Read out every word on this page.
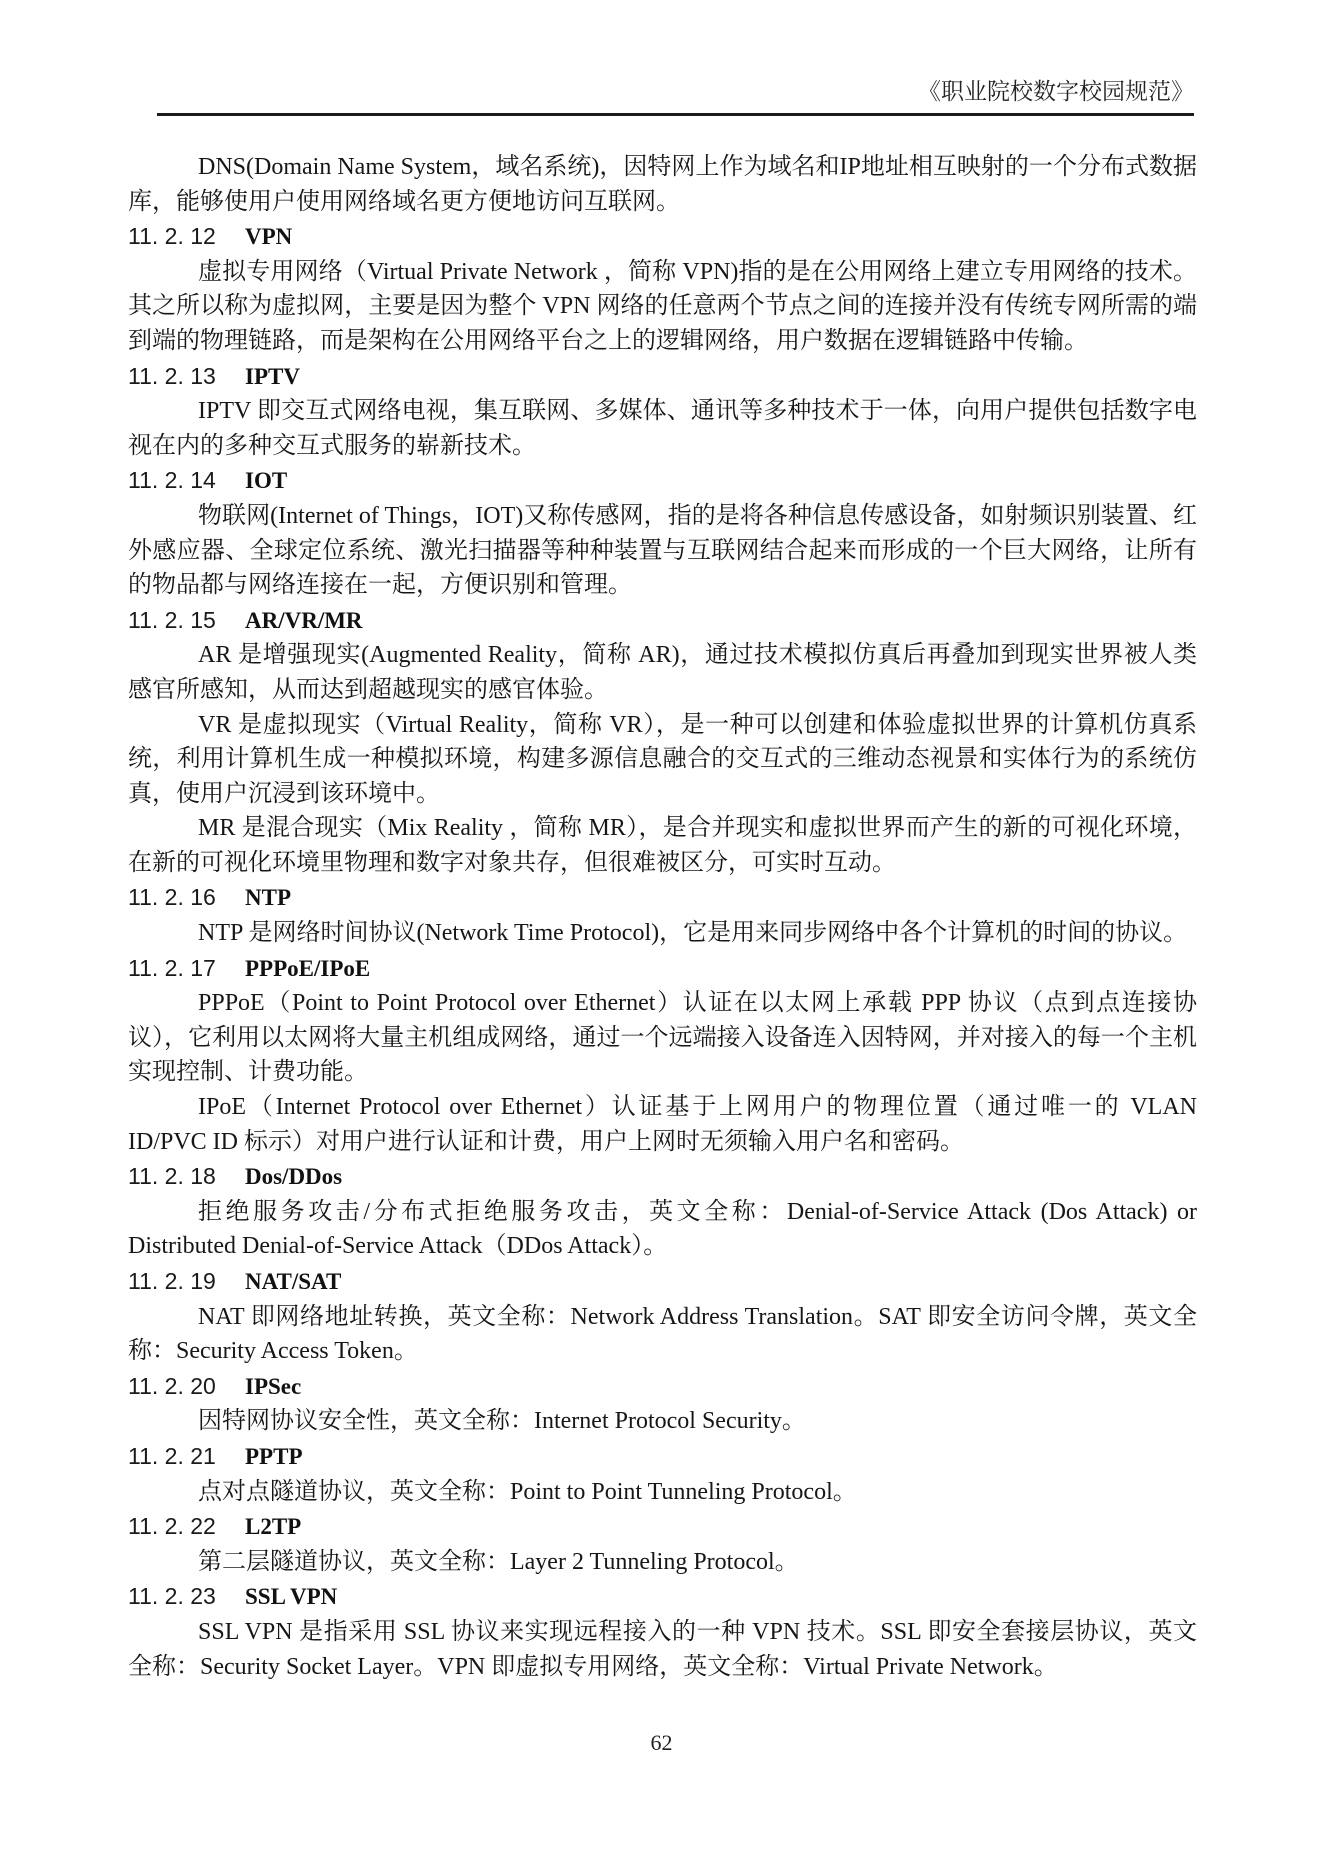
《职业院校数字校园规范》

DNS(Domain Name System，域名系统)，因特网上作为域名和IP地址相互映射的一个分布式数据库，能够使用户使用网络域名更方便地访问互联网。

11. 2. 12 VPN

虚拟专用网络（Virtual Private Network ，简称 VPN)指的是在公用网络上建立专用网络的技术。其之所以称为虚拟网，主要是因为整个 VPN 网络的任意两个节点之间的连接并没有传统专网所需的端到端的物理链路，而是架构在公用网络平台之上的逻辑网络，用户数据在逻辑链路中传输。

11. 2. 13 IPTV

IPTV 即交互式网络电视，集互联网、多媒体、通讯等多种技术于一体，向用户提供包括数字电视在内的多种交互式服务的崭新技术。

11. 2. 14 IOT

物联网(Internet of Things，IOT)又称传感网，指的是将各种信息传感设备，如射频识别装置、红外感应器、全球定位系统、激光扫描器等种种装置与互联网结合起来而形成的一个巨大网络，让所有的物品都与网络连接在一起，方便识别和管理。

11. 2. 15 AR/VR/MR

AR 是增强现实(Augmented Reality，简称 AR)，通过技术模拟仿真后再叠加到现实世界被人类感官所感知，从而达到超越现实的感官体验。

VR 是虚拟现实（Virtual Reality，简称 VR），是一种可以创建和体验虚拟世界的计算机仿真系统，利用计算机生成一种模拟环境，构建多源信息融合的交互式的三维动态视景和实体行为的系统仿真，使用户沉浸到该环境中。

MR 是混合现实（Mix Reality ，简称 MR），是合并现实和虚拟世界而产生的新的可视化环境，在新的可视化环境里物理和数字对象共存，但很难被区分，可实时互动。

11. 2. 16 NTP

NTP 是网络时间协议(Network Time Protocol)，它是用来同步网络中各个计算机的时间的协议。

11. 2. 17 PPPoE/IPoE

PPPoE（Point to Point Protocol over Ethernet）认证在以太网上承载 PPP 协议（点到点连接协议），它利用以太网将大量主机组成网络，通过一个远端接入设备连入因特网，并对接入的每一个主机实现控制、计费功能。

IPoE（Internet Protocol over Ethernet）认证基于上网用户的物理位置（通过唯一的 VLAN ID/PVC ID 标示）对用户进行认证和计费，用户上网时无须输入用户名和密码。

11. 2. 18 Dos/DDos

拒绝服务攻击/分布式拒绝服务攻击，英文全称：Denial-of-Service Attack (Dos Attack) or Distributed Denial-of-Service Attack（DDos Attack）。

11. 2. 19 NAT/SAT

NAT 即网络地址转换，英文全称：Network Address Translation。SAT 即安全访问令牌，英文全称：Security Access Token。

11. 2. 20 IPSec

因特网协议安全性，英文全称：Internet Protocol Security。

11. 2. 21 PPTP

点对点隧道协议，英文全称：Point to Point Tunneling Protocol。

11. 2. 22 L2TP

第二层隧道协议，英文全称：Layer 2 Tunneling Protocol。

11. 2. 23 SSL VPN

SSL VPN 是指采用 SSL 协议来实现远程接入的一种 VPN 技术。SSL 即安全套接层协议，英文全称：Security Socket Layer。VPN 即虚拟专用网络，英文全称：Virtual Private Network。

62
